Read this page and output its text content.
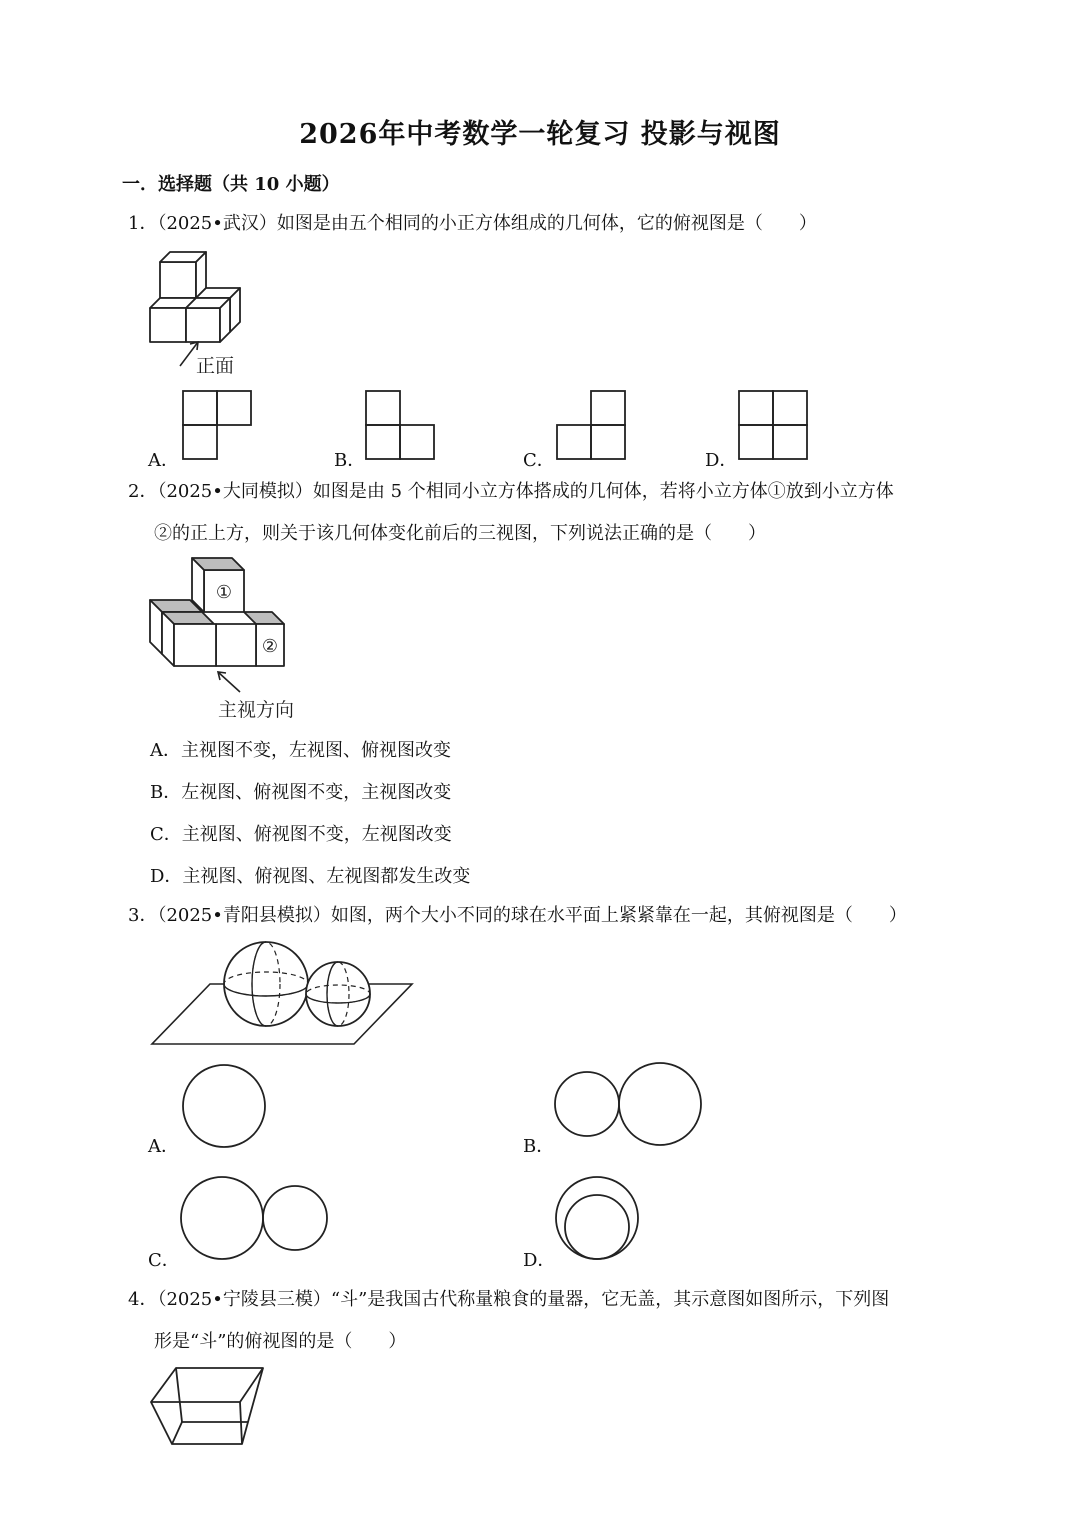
2026年中考数学一轮复习 投影与视图
一．选择题（共 10 小题）
1．（2025•武汉）如图是由五个相同的小正方体组成的几何体，它的俯视图是（　　）
正面
A．	B．	C．	D．
2．（2025•大同模拟）如图是由 5 个相同小立方体搭成的几何体，若将小立方体①放到小立方体
②的正上方，则关于该几何体变化前后的三视图，下列说法正确的是（　　）
①
②
主视方向
A．主视图不变，左视图、俯视图改变
B．左视图、俯视图不变，主视图改变
C．主视图、俯视图不变，左视图改变
D．主视图、俯视图、左视图都发生改变
3．（2025•青阳县模拟）如图，两个大小不同的球在水平面上紧紧靠在一起，其俯视图是（　　）
A．	B．
C．	D．
4．（2025•宁陵县三模）“斗”是我国古代称量粮食的量器，它无盖，其示意图如图所示，下列图
形是“斗”的俯视图的是（　　）
